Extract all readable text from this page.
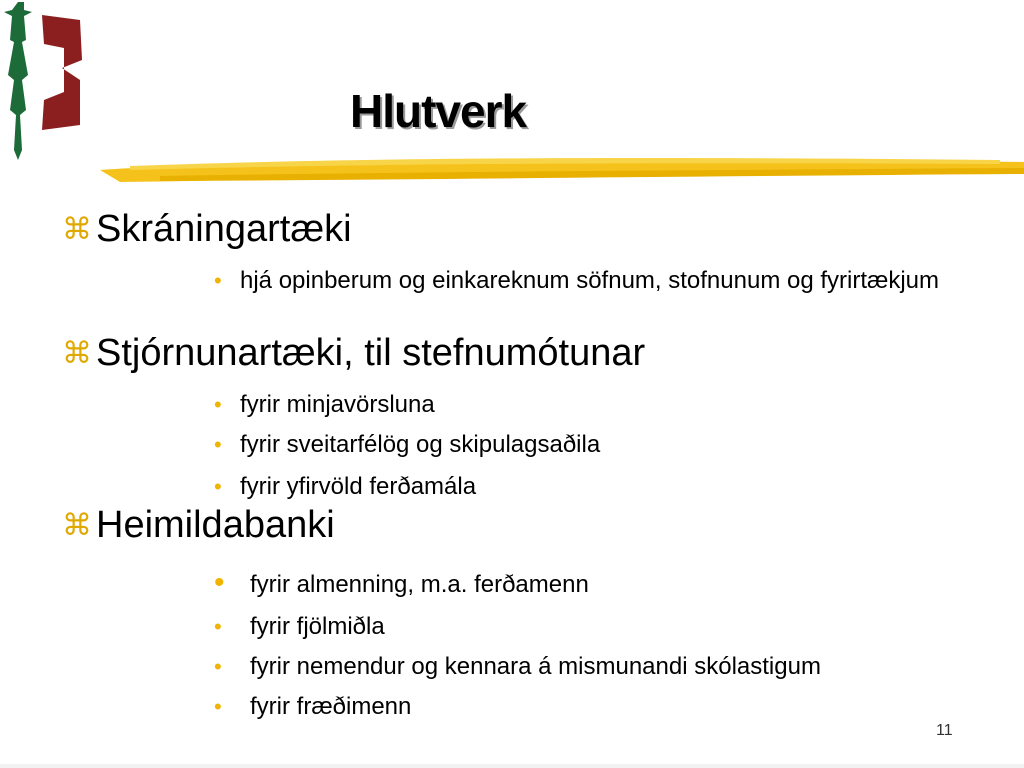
Hlutverk
⌘ Skráningartæki
• hjá opinberum og einkareknum söfnum, stofnunum og fyrirtækjum
⌘ Stjórnunartæki, til stefnumótunar
• fyrir minjavörsluna
• fyrir sveitarfélög og skipulagsaðila
• fyrir yfirvöld ferðamála
⌘ Heimildabanki
• fyrir almenning, m.a. ferðamenn
• fyrir fjölmiðla
• fyrir nemendur og kennara á mismunandi skólastigum
• fyrir fræðimenn
11
